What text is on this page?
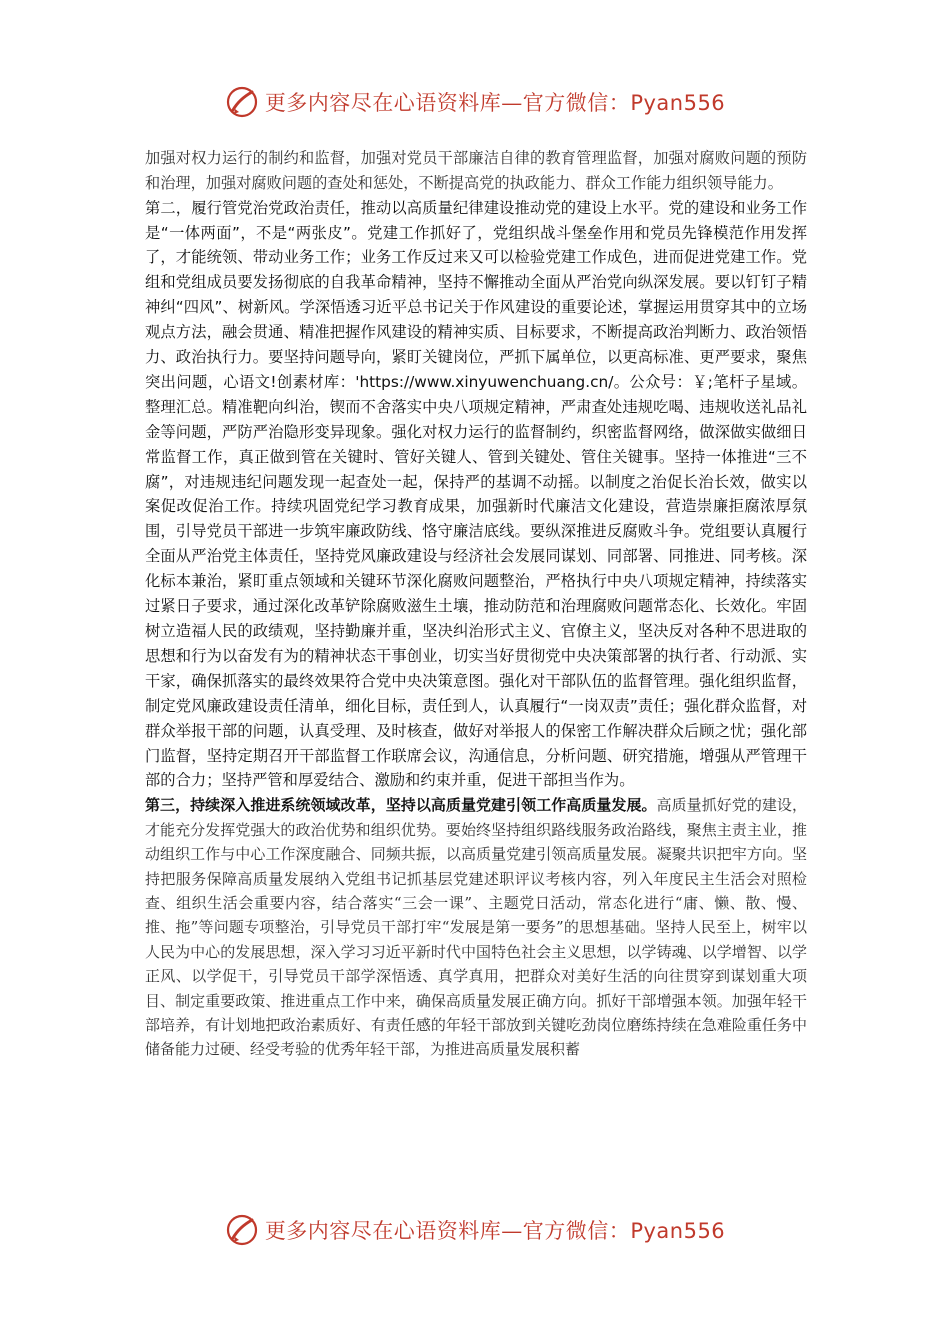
更多内容尽在心语资料库—官方微信：Pyan556

加强对权力运行的制约和监督，加强对党员干部廉洁自律的教育管理监督，加强对腐败问题的预防和治理，加强对腐败问题的查处和惩处，不断提高党的执政能力、群众工作能力组织领导能力。

第二，履行管党治党政治责任，推动以高质量纪律建设推动党的建设上水平。党的建设和业务工作是“一体两面”，不是“两张皮”。党建工作抓好了，党组织战斗堡垒作用和党员先锋模范作用发挥了，才能统领、带动业务工作；业务工作反过来又可以检验党建工作成色，进而促进党建工作。党组和党组成员要发扬彻底的自我革命精神，坚持不懈推动全面从严治党向纵深发展。要以钉钉子精神纠“四风”、树新风。学深悟透习近平总书记关于作风建设的重要论述，掌握运用贯穿其中的立场观点方法，融会贯通、精准把握作风建设的精神实质、目标要求，不断提高政治判断力、政治领悟力、政治执行力。要坚持问题导向，紧盯关键岗位，严抓下属单位，以更高标准、更严要求，聚焦突出问题，心语文!创素材库：'https://www.xinyuwenchuang.cn/。公众号：￥;笔杆子星域。整理汇总。精准靶向纠治，锲而不舍落实中央八项规定精神，严肃查处违规吃喝、违规收送礼品礼金等问题，严防严治隐形变异现象。强化对权力运行的监督制约，织密监督网络，做深做实做细日常监督工作，真正做到管在关键时、管好关键人、管到关键处、管住关键事。坚持一体推进“三不腐”，对违规违纪问题发现一起查处一起，保持严的基调不动摇。以制度之治促长治长效，做实以案促改促治工作。持续巩固党纪学习教育成果，加强新时代廉洁文化建设，营造崇廉拒腐浓厚氛围，引导党员干部进一步筑牢廉政防线、恪守廉洁底线。要纵深推进反腐败斗争。党组要认真履行全面从严治党主体责任，坚持党风廉政建设与经济社会发展同谋划、同部署、同推进、同考核。深化标本兼治，紧盯重点领域和关键环节深化腐败问题整治，严格执行中央八项规定精神，持续落实过紧日子要求，通过深化改革铲除腐败滋生土壤，推动防范和治理腐败问题常态化、长效化。牢固树立造福人民的政绩观，坚持勤廉并重，坚决纠治形式主义、官僚主义，坚决反对各种不思进取的思想和行为以奋发有为的精神状态干事创业，切实当好贯彻党中央决策部署的执行者、行动派、实干家，确保抓落实的最终效果符合党中央决策意图。强化对干部队伍的监督管理。强化组织监督，制定党风廉政建设责任清单，细化目标，责任到人，认真履行“一岗双责”责任；强化群众监督，对群众举报干部的问题，认真受理、及时核查，做好对举报人的保密工作解决群众后顾之忧；强化部门监督，坚持定期召开干部监督工作联席会议，沟通信息，分析问题、研究措施，增强从严管理干部的合力；坚持严管和厚爱结合、激励和约束并重，促进干部担当作为。

第三，持续深入推进系统领域改革，坚持以高质量党建引领工作高质量发展。高质量抓好党的建设，才能充分发挥党强大的政治优势和组织优势。要始终坚持组织路线服务政治路线，聚焦主责主业，推动组织工作与中心工作深度融合、同频共振，以高质量党建引领高质量发展。凝聚共识把牢方向。坚持把服务保障高质量发展纳入党组书记抓基层党建述职评议考核内容，列入年度民主生活会对照检查、组织生活会重要内容，结合落实“三会一课”、主题党日活动，常态化进行“庸、懒、散、慢、推、拖”等问题专项整治，引导党员干部打牢“发展是第一要务”的思想基础。坚持人民至上，树牢以人民为中心的发展思想，深入学习习近平新时代中国特色社会主义思想，以学铸魂、以学增智、以学正风、以学促干，引导党员干部学深悟透、真学真用，把群众对美好生活的向往贯穿到谋划重大项目、制定重要政策、推进重点工作中来，确保高质量发展正确方向。抓好干部增强本领。加强年轻干部培养，有计划地把政治素质好、有责任感的年轻干部放到关键吃劲岗位磨练持续在急难险重任务中储备能力过硬、经受考验的优秀年轻干部，为推进高质量发展积蓄

更多内容尽在心语资料库—官方微信：Pyan556
